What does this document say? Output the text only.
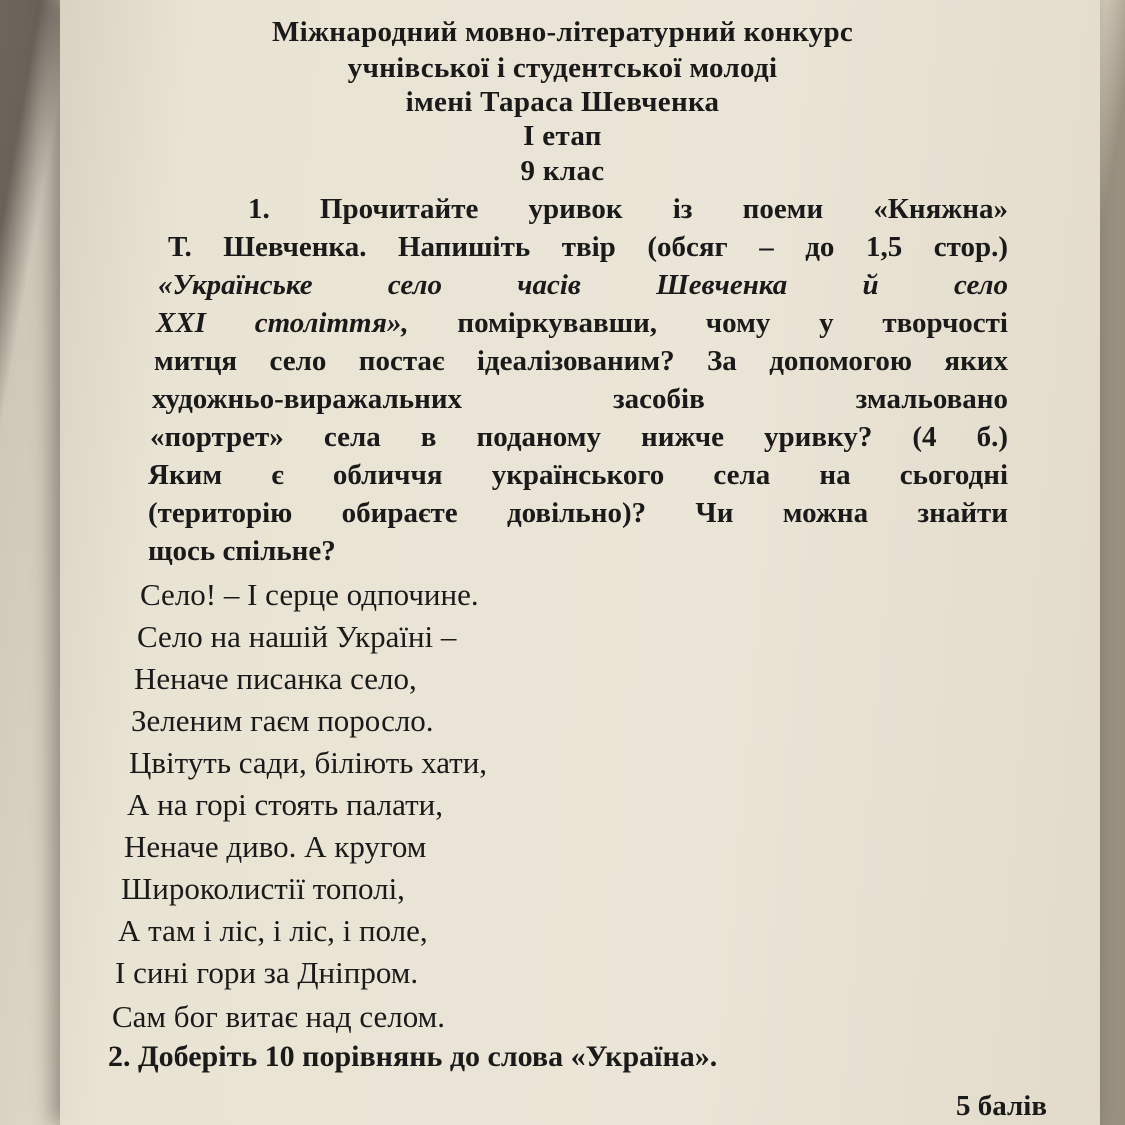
Міжнародний мовно-літературний конкурс
учнівської і студентської молоді
імені Тараса Шевченка
І етап
9 клас
1. Прочитайте уривок із поеми «Княжна»
Т. Шевченка. Напишіть твір (обсяг – до 1,5 стор.)
«Українське село часів Шевченка й село
XXI століття», поміркувавши, чому у творчості
митця село постає ідеалізованим? За допомогою яких
художньо-виражальних засобів змальовано
«портрет» села в поданому нижче уривку? (4 б.)
Яким є обличчя українського села на сьогодні
(територію обираєте довільно)? Чи можна знайти
щось спільне?
Село! – І серце одпочине.
Село на нашій Україні –
Неначе писанка село,
Зеленим гаєм поросло.
Цвітуть сади, біліють хати,
А на горі стоять палати,
Неначе диво. А кругом
Широколистії тополі,
А там і ліс, і ліс, і поле,
І сині гори за Дніпром.
Сам бог витає над селом.
2. Доберіть 10 порівнянь до слова «Україна».
5 балів
